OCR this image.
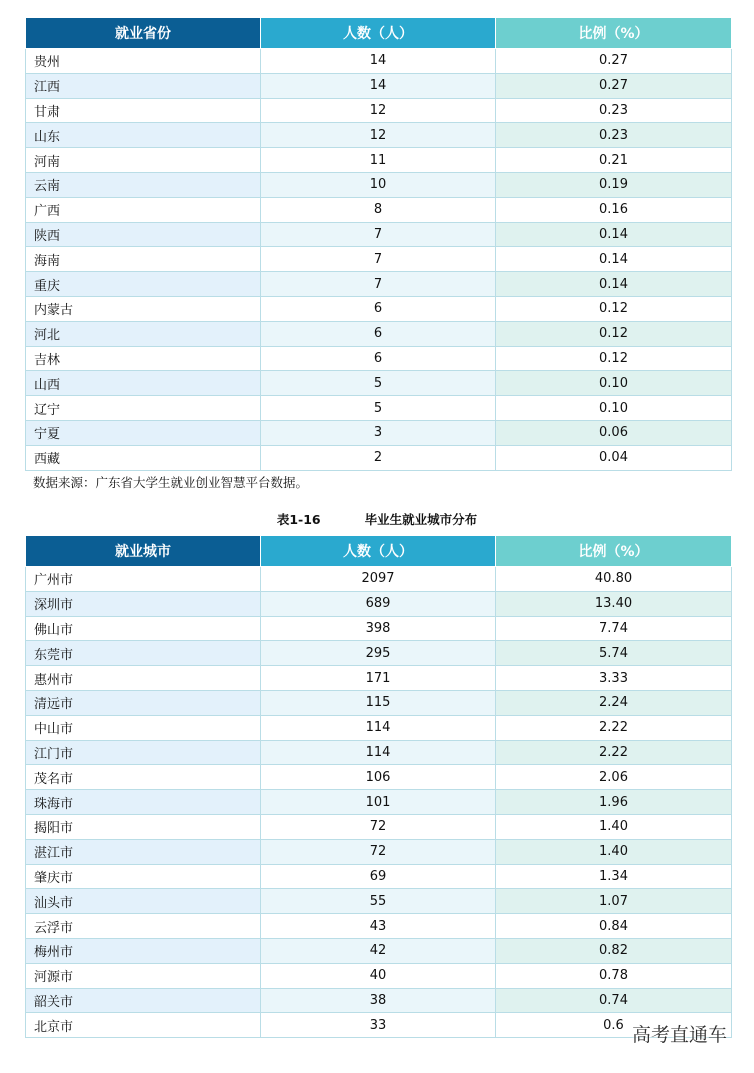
就业省份	人数（人）	比例（%）
贵州	14	0.27
江西	14	0.27
甘肃	12	0.23
山东	12	0.23
河南	11	0.21
云南	10	0.19
广西	8	0.16
陕西	7	0.14
海南	7	0.14
重庆	7	0.14
内蒙古	6	0.12
河北	6	0.12
吉林	6	0.12
山西	5	0.10
辽宁	5	0.10
宁夏	3	0.06
西藏	2	0.04
数据来源：广东省大学生就业创业智慧平台数据。
表1-16	毕业生就业城市分布
就业城市	人数（人）	比例（%）
广州市	2097	40.80
深圳市	689	13.40
佛山市	398	7.74
东莞市	295	5.74
惠州市	171	3.33
清远市	115	2.24
中山市	114	2.22
江门市	114	2.22
茂名市	106	2.06
珠海市	101	1.96
揭阳市	72	1.40
湛江市	72	1.40
肇庆市	69	1.34
汕头市	55	1.07
云浮市	43	0.84
梅州市	42	0.82
河源市	40	0.78
韶关市	38	0.74
北京市	33	0.6 高考直通车
